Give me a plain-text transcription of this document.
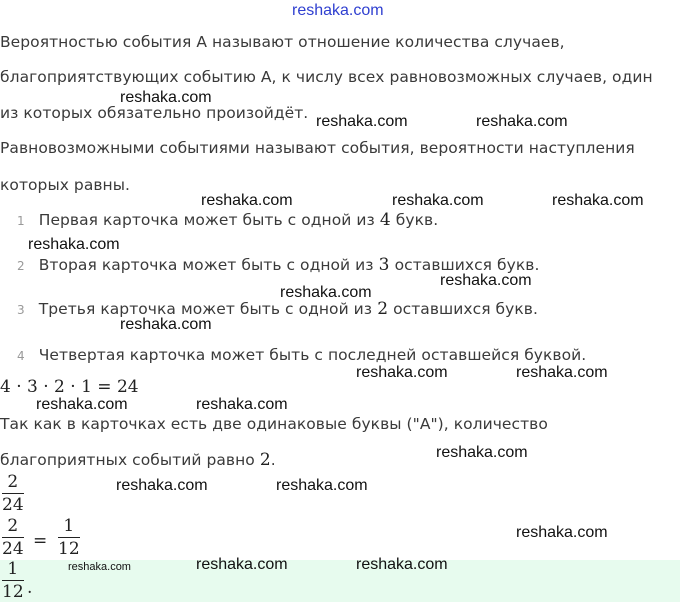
reshaka.com
Вероятностью события A называют отношение количества случаев,
благоприятствующих событию A, к числу всех равновозможных случаев, один
из которых обязательно произойдёт.
Равновозможными событиями называют события, вероятности наступления
которых равны.
1 Первая карточка может быть с одной из 4 букв.
2 Вторая карточка может быть с одной из 3 оставшихся букв.
3 Третья карточка может быть с одной из 2 оставшихся букв.
4 Четвертая карточка может быть с последней оставшейся буквой.
4 · 3 · 2 · 1 = 24
Так как в карточках есть две одинаковые буквы ("А"), количество
благоприятных событий равно 2.
2
24
2
24 =
1
12
1
12 .
reshaka.com
reshaka.com	reshaka.com
reshaka.com	reshaka.com	reshaka.com
reshaka.com
reshaka.com
reshaka.com
reshaka.com
reshaka.com	reshaka.com
reshaka.com	reshaka.com
reshaka.com
reshaka.com	reshaka.com
reshaka.com
reshaka.com	reshaka.com	reshaka.com
